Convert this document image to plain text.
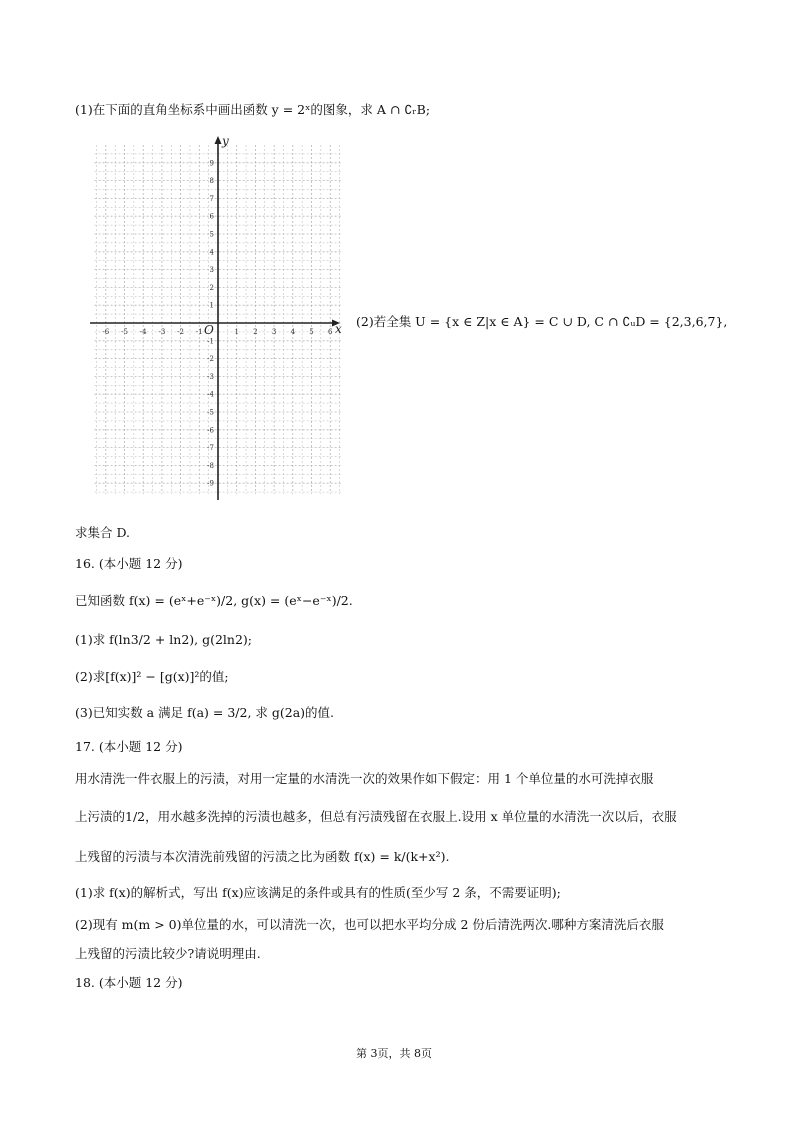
(1)在下面的直角坐标系中画出函数 y = 2ˣ的图象，求 A ∩ ∁ᵣB;
-6 -5 -4 -3 -2 -1	1 2 3 4 5 6
9
8
7
6
5
4
3
2
1
-1
-2
-3
-4
-5
-6
-7
-8
-9
x
y
O
(2)若全集 U = {x ∈ Z|x ∈ A} = C ∪ D, C ∩ ∁ᵤD = {2,3,6,7},
求集合 D.
16. (本小题 12 分)
已知函数 f(x) = (eˣ+e⁻ˣ)/2, g(x) = (eˣ−e⁻ˣ)/2.
(1)求 f(ln3/2 + ln2), g(2ln2);
(2)求[f(x)]² − [g(x)]²的值;
(3)已知实数 a 满足 f(a) = 3/2, 求 g(2a)的值.
17. (本小题 12 分)
用水清洗一件衣服上的污渍，对用一定量的水清洗一次的效果作如下假定：用 1 个单位量的水可洗掉衣服
上污渍的1/2，用水越多洗掉的污渍也越多，但总有污渍残留在衣服上.设用 x 单位量的水清洗一次以后，衣服
上残留的污渍与本次清洗前残留的污渍之比为函数 f(x) = k/(k+x²).
(1)求 f(x)的解析式，写出 f(x)应该满足的条件或具有的性质(至少写 2 条，不需要证明);
(2)现有 m(m > 0)单位量的水，可以清洗一次，也可以把水平均分成 2 份后清洗两次.哪种方案清洗后衣服
上残留的污渍比较少?请说明理由.
18. (本小题 12 分)
第 3页，共 8页
